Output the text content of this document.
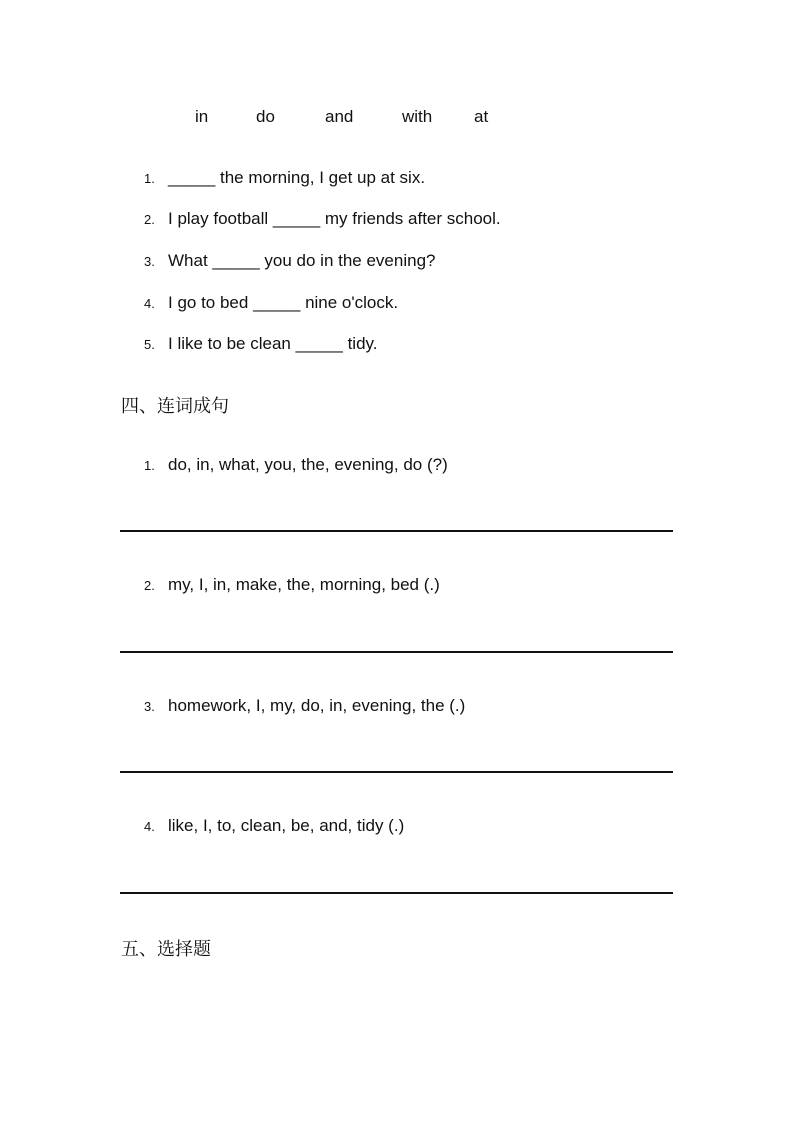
in	do	and	with at
1. _____ the morning, I get up at six.
2. I play football _____ my friends after school.
3. What _____ you do in the evening?
4. I go to bed _____ nine o'clock.
5. I like to be clean _____ tidy.
四、连词成句
1. do, in, what, you, the, evening, do (?)
2. my, I, in, make, the, morning, bed (.)
3. homework, I, my, do, in, evening, the (.)
4. like, I, to, clean, be, and, tidy (.)
五、选择题
